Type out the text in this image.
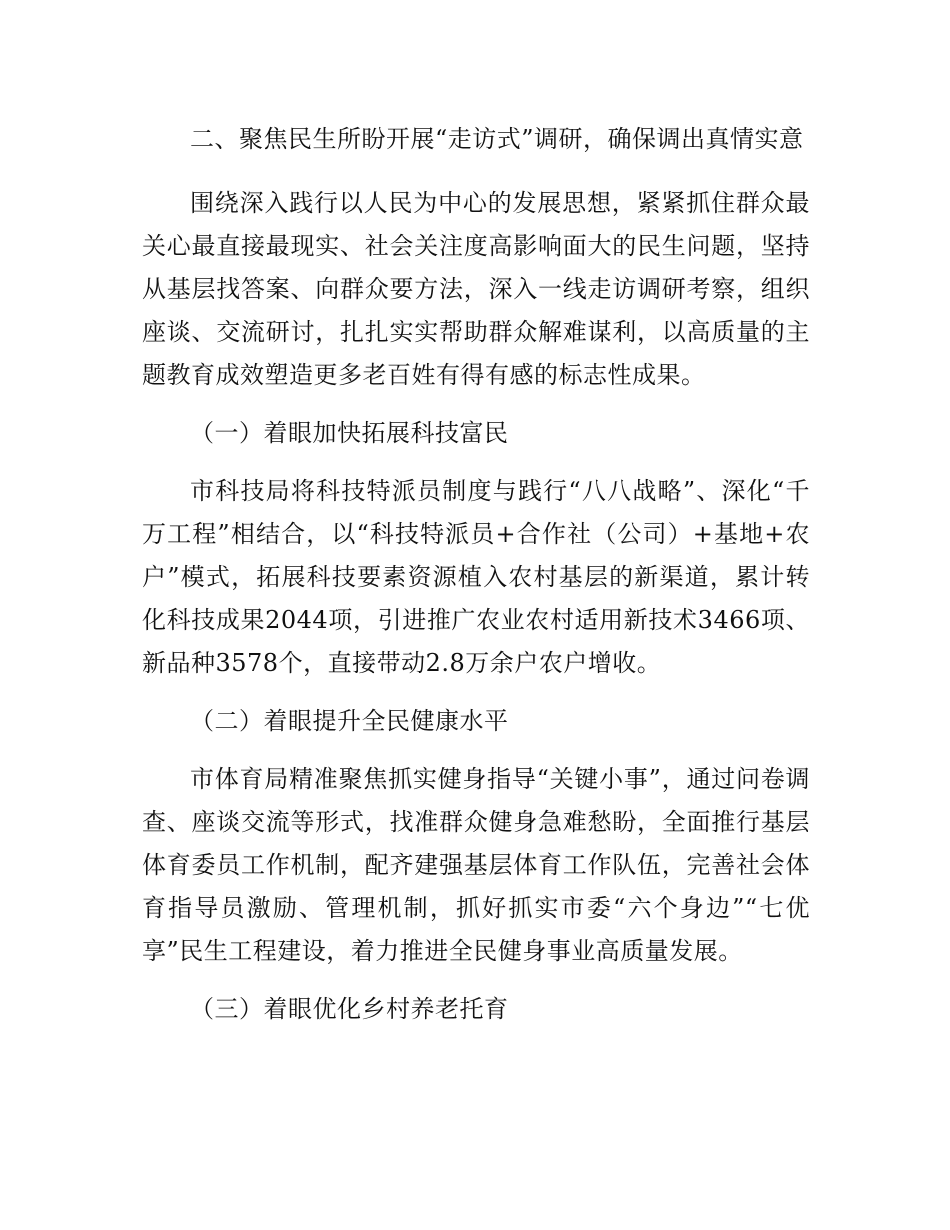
二、聚焦民生所盼开展“走访式”调研，确保调出真情实意

围绕深入践行以人民为中心的发展思想，紧紧抓住群众最关心最直接最现实、社会关注度高影响面大的民生问题，坚持从基层找答案、向群众要方法，深入一线走访调研考察，组织座谈、交流研讨，扎扎实实帮助群众解难谋利，以高质量的主题教育成效塑造更多老百姓有得有感的标志性成果。

（一）着眼加快拓展科技富民

市科技局将科技特派员制度与践行“八八战略”、深化“千万工程”相结合，以“科技特派员+合作社（公司）+基地+农户”模式，拓展科技要素资源植入农村基层的新渠道，累计转化科技成果2044项，引进推广农业农村适用新技术3466项、新品种3578个，直接带动2.8万余户农户增收。

（二）着眼提升全民健康水平

市体育局精准聚焦抓实健身指导“关键小事”，通过问卷调查、座谈交流等形式，找准群众健身急难愁盼，全面推行基层体育委员工作机制，配齐建强基层体育工作队伍，完善社会体育指导员激励、管理机制，抓好抓实市委“六个身边”“七优享”民生工程建设，着力推进全民健身事业高质量发展。

（三）着眼优化乡村养老托育
